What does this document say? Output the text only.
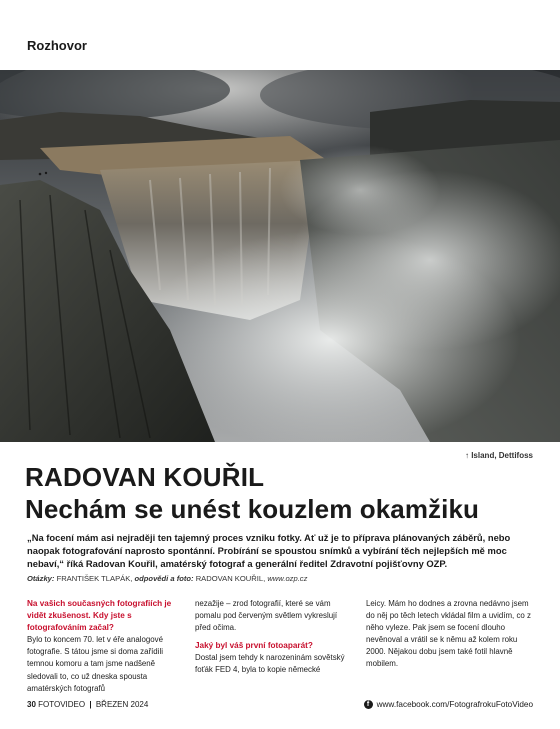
Rozhovor
↑ Island, Dettifoss
RADOVAN KOUŘIL
Nechám se unést kouzlem okamžiku
„Na focení mám asi nejraději ten tajemný proces vzniku fotky. Ať už je to příprava plánovaných záběrů, nebo naopak fotografování naprosto spontánní. Probírání se spoustou snímků a vybírání těch nejlepších mě moc nebaví,“ říká Radovan Kouřil, amatérský fotograf a generální ředitel Zdravotní pojišťovny OZP.
Otázky: FRANTIŠEK TLAPÁK, odpovědi a foto: RADOVAN KOUŘIL, www.ozp.cz
Na vašich současných fotografiích je vidět zkušenost. Kdy jste s fotografováním začal?
Bylo to koncem 70. let v éře analogové fotografie. S tátou jsme si doma zařídili temnou komoru a tam jsme nadšeně sledovali to, co už dneska spousta amatérských fotografů
nezažije – zrod fotografií, které se vám pomalu pod červeným světlem vykreslují před očima.
Jaký byl váš první fotoaparát?
Dostal jsem tehdy k narozeninám sovětský foťák FED 4, byla to kopie německé
Leicy. Mám ho dodnes a zrovna nedávno jsem do něj po těch letech vkládal film a uvidím, co z něho vyleze. Pak jsem se focení dlouho nevěnoval a vrátil se k němu až kolem roku 2000. Nějakou dobu jsem také fotil hlavně mobilem.
30 FOTOVIDEO | BŘEZEN 2024	f www.facebook.com/FotografrokuFotoVideo
